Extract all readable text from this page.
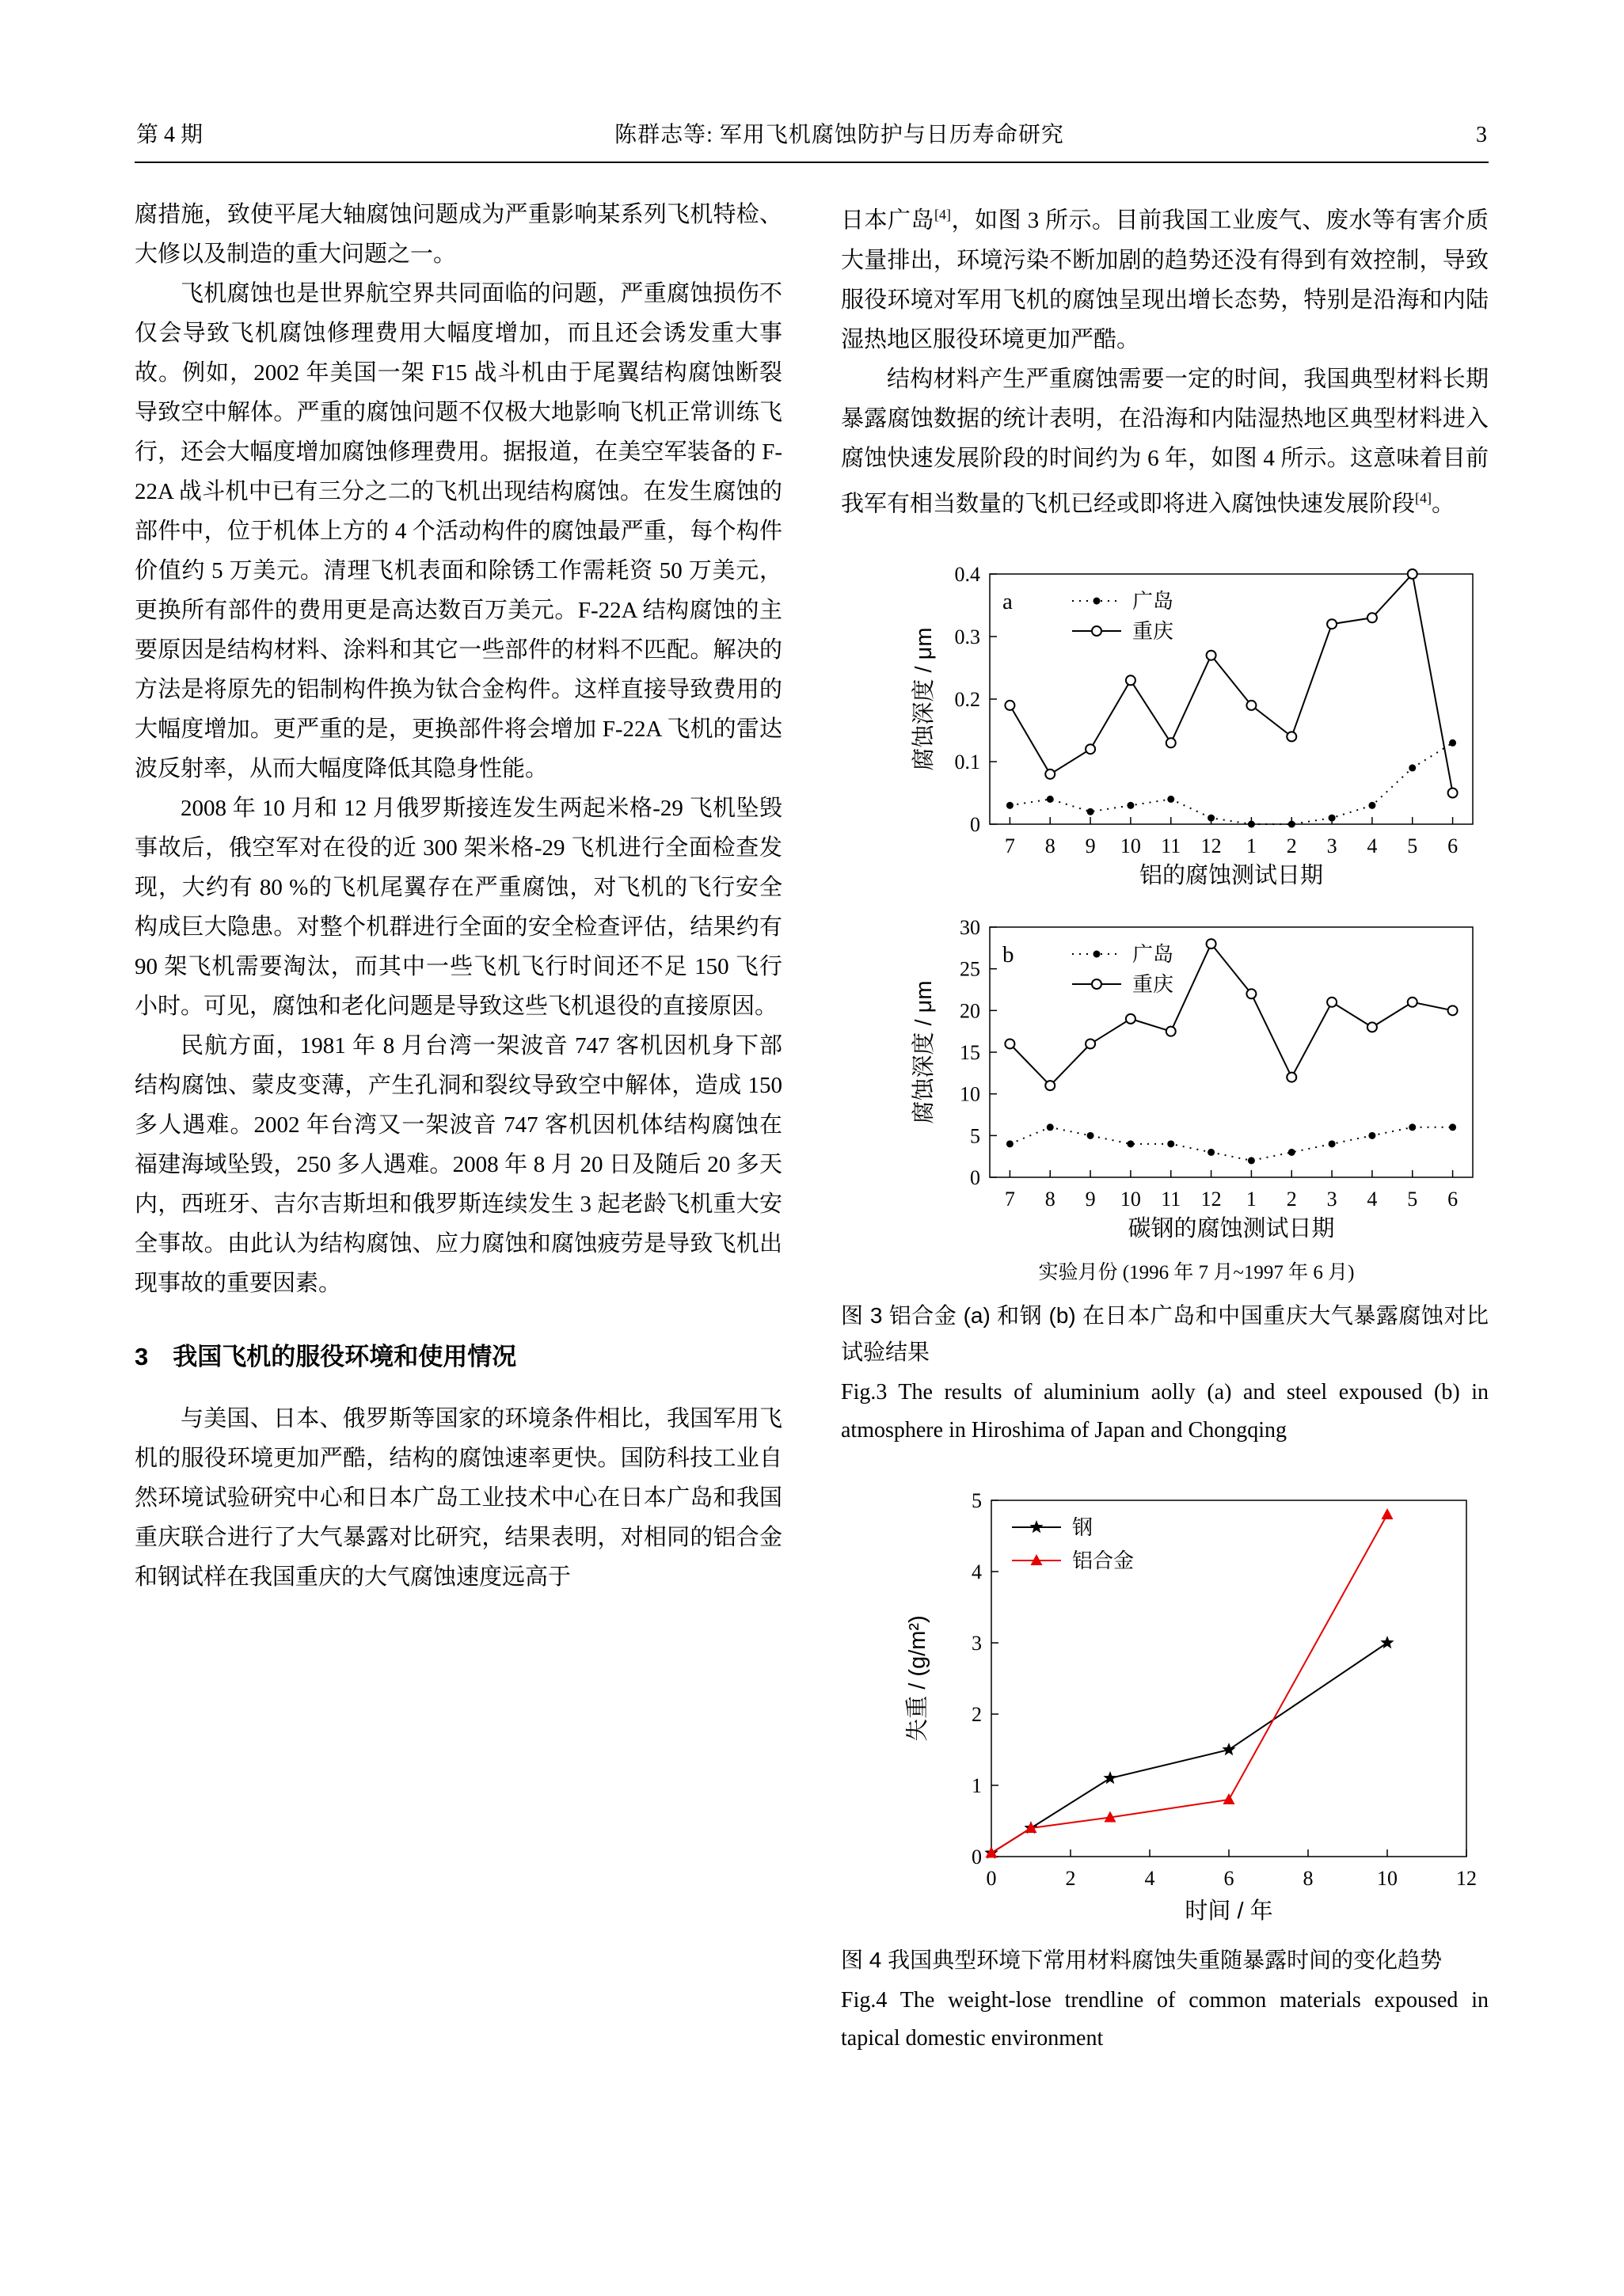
第 4 期	陈群志等: 军用飞机腐蚀防护与日历寿命研究	3

腐措施，致使平尾大轴腐蚀问题成为严重影响某系列飞机特检、大修以及制造的重大问题之一。

飞机腐蚀也是世界航空界共同面临的问题，严重腐蚀损伤不仅会导致飞机腐蚀修理费用大幅度增加，而且还会诱发重大事故。例如，2002 年美国一架 F15 战斗机由于尾翼结构腐蚀断裂导致空中解体。严重的腐蚀问题不仅极大地影响飞机正常训练飞行，还会大幅度增加腐蚀修理费用。据报道，在美空军装备的 F-22A 战斗机中已有三分之二的飞机出现结构腐蚀。在发生腐蚀的部件中，位于机体上方的 4 个活动构件的腐蚀最严重，每个构件价值约 5 万美元。清理飞机表面和除锈工作需耗资 50 万美元，更换所有部件的费用更是高达数百万美元。F-22A 结构腐蚀的主要原因是结构材料、涂料和其它一些部件的材料不匹配。解决的方法是将原先的铝制构件换为钛合金构件。这样直接导致费用的大幅度增加。更严重的是，更换部件将会增加 F-22A 飞机的雷达波反射率，从而大幅度降低其隐身性能。

2008 年 10 月和 12 月俄罗斯接连发生两起米格-29 飞机坠毁事故后，俄空军对在役的近 300 架米格-29 飞机进行全面检查发现，大约有 80 %的飞机尾翼存在严重腐蚀，对飞机的飞行安全构成巨大隐患。对整个机群进行全面的安全检查评估，结果约有 90 架飞机需要淘汰，而其中一些飞机飞行时间还不足 150 飞行小时。可见，腐蚀和老化问题是导致这些飞机退役的直接原因。

民航方面，1981 年 8 月台湾一架波音 747 客机因机身下部结构腐蚀、蒙皮变薄，产生孔洞和裂纹导致空中解体，造成 150 多人遇难。2002 年台湾又一架波音 747 客机因机体结构腐蚀在福建海域坠毁，250 多人遇难。2008 年 8 月 20 日及随后 20 多天内，西班牙、吉尔吉斯坦和俄罗斯连续发生 3 起老龄飞机重大安全事故。由此认为结构腐蚀、应力腐蚀和腐蚀疲劳是导致飞机出现事故的重要因素。

3　我国飞机的服役环境和使用情况

与美国、日本、俄罗斯等国家的环境条件相比，我国军用飞机的服役环境更加严酷，结构的腐蚀速率更快。国防科技工业自然环境试验研究中心和日本广岛工业技术中心在日本广岛和我国重庆联合进行了大气暴露对比研究，结果表明，对相同的铝合金和钢试样在我国重庆的大气腐蚀速度远高于

日本广岛[4]，如图 3 所示。目前我国工业废气、废水等有害介质大量排出，环境污染不断加剧的趋势还没有得到有效控制，导致服役环境对军用飞机的腐蚀呈现出增长态势，特别是沿海和内陆湿热地区服役环境更加严酷。

结构材料产生严重腐蚀需要一定的时间，我国典型材料长期暴露腐蚀数据的统计表明，在沿海和内陆湿热地区典型材料进入腐蚀快速发展阶段的时间约为 6 年，如图 4 所示。这意味着目前我军有相当数量的飞机已经或即将进入腐蚀快速发展阶段[4]。

0
0.1
0.2
0.3
0.4
7 8 9 10 11 12 1 2 3 4 5 6
铝的腐蚀测试日期
腐蚀深度 / μm
a	广岛
重庆
0
5
10
15
20
25
30
7 8 9 10 11 12 1 2 3 4 5 6
碳钢的腐蚀测试日期
腐蚀深度 / μm
b	广岛
重庆
实验月份 (1996 年 7 月~1997 年 6 月)
图 3 铝合金 (a) 和钢 (b) 在日本广岛和中国重庆大气暴露腐蚀对比试验结果
Fig.3 The results of aluminium aolly (a) and steel expoused (b) in atmosphere in Hiroshima of Japan and Chongqing
0
1
2
3
4
5
0	2	4	6	8	10	12
时间 / 年
失重 / (g/m²)
钢
铝合金
图 4 我国典型环境下常用材料腐蚀失重随暴露时间的变化趋势
Fig.4 The weight-lose trendline of common materials expoused in tapical domestic environment
